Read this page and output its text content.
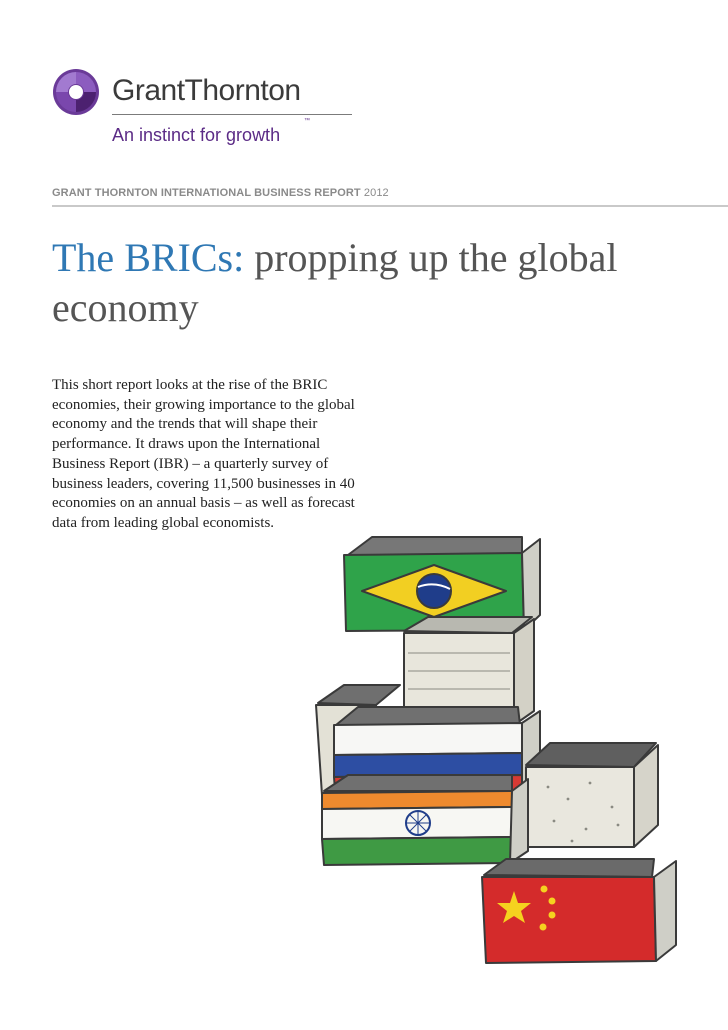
GrantThornton
An instinct for growth
™
GRANT THORNTON INTERNATIONAL BUSINESS REPORT 2012
The BRICs: propping up the global economy

This short report looks at the rise of the BRIC economies, their growing importance to the global economy and the trends that will shape their performance. It draws upon the International Business Report (IBR) – a quarterly survey of business leaders, covering 11,500 businesses in 40 economies on an annual basis – as well as forecast data from leading global economists.
